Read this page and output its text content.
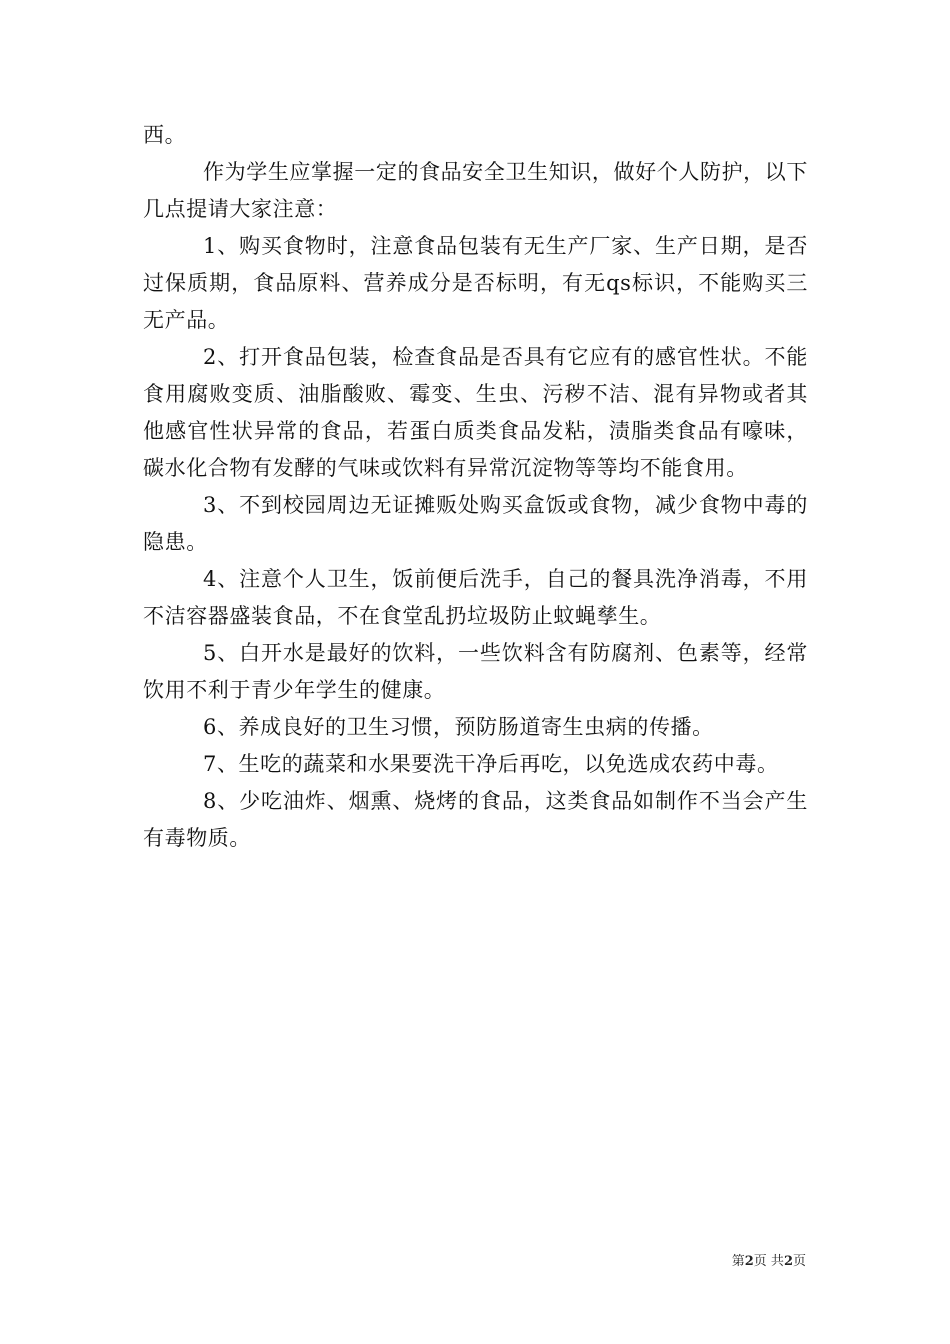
西。

作为学生应掌握一定的食品安全卫生知识，做好个人防护，以下几点提请大家注意：

1、购买食物时，注意食品包装有无生产厂家、生产日期，是否过保质期，食品原料、营养成分是否标明，有无qs标识，不能购买三无产品。

2、打开食品包装，检查食品是否具有它应有的感官性状。不能食用腐败变质、油脂酸败、霉变、生虫、污秽不洁、混有异物或者其他感官性状异常的食品，若蛋白质类食品发粘，渍脂类食品有嚎味，碳水化合物有发酵的气味或饮料有异常沉淀物等等均不能食用。

3、不到校园周边无证摊贩处购买盒饭或食物，减少食物中毒的隐患。

4、注意个人卫生，饭前便后洗手，自己的餐具洗净消毒，不用不洁容器盛装食品，不在食堂乱扔垃圾防止蚊蝇孳生。

5、白开水是最好的饮料，一些饮料含有防腐剂、色素等，经常饮用不利于青少年学生的健康。

6、养成良好的卫生习惯，预防肠道寄生虫病的传播。

7、生吃的蔬菜和水果要洗干净后再吃，以免选成农药中毒。

8、少吃油炸、烟熏、烧烤的食品，这类食品如制作不当会产生有毒物质。

第2页 共2页
